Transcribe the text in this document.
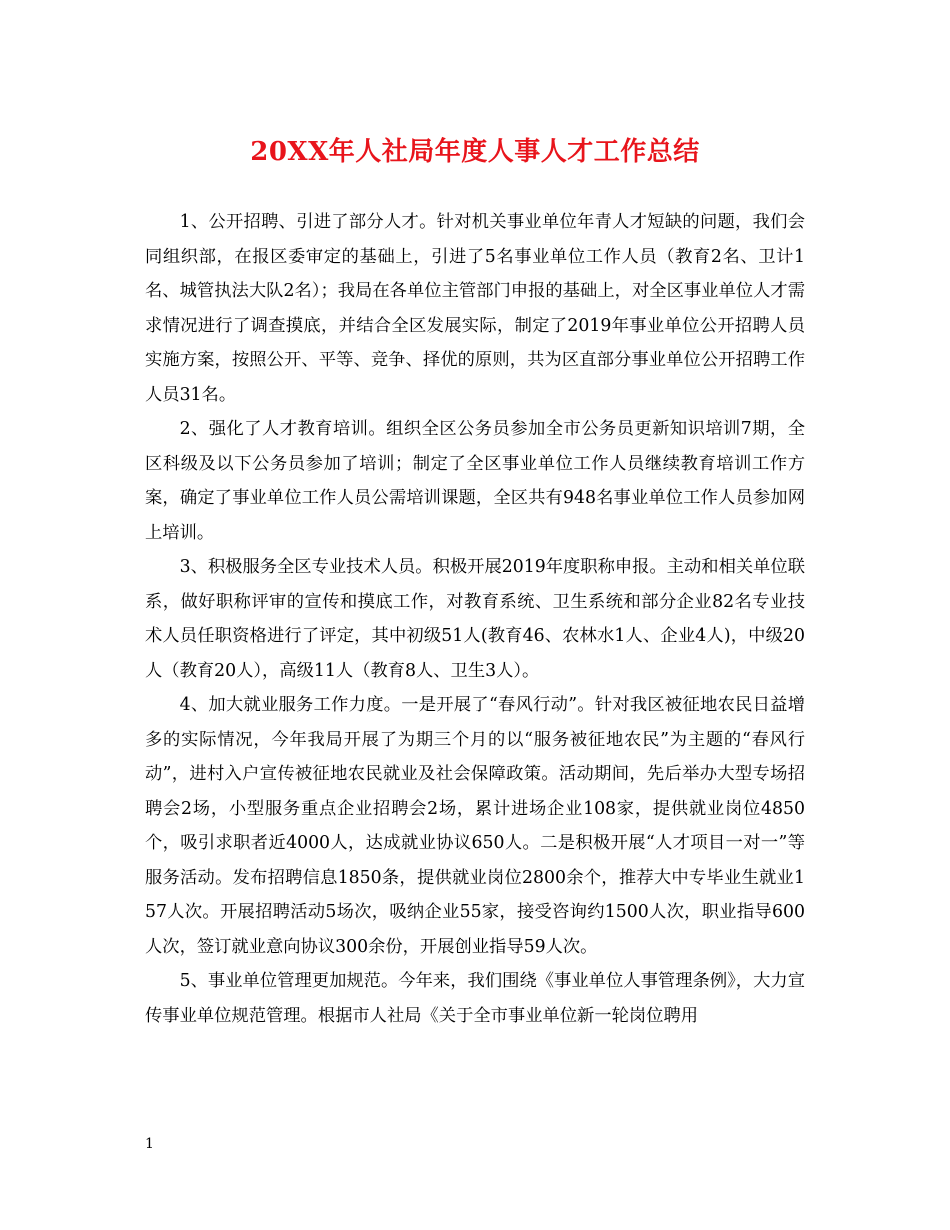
20XX年人社局年度人事人才工作总结

1、公开招聘、引进了部分人才。针对机关事业单位年青人才短缺的问题，我们会同组织部，在报区委审定的基础上，引进了5名事业单位工作人员（教育2名、卫计1名、城管执法大队2名）；我局在各单位主管部门申报的基础上，对全区事业单位人才需求情况进行了调查摸底，并结合全区发展实际，制定了2019年事业单位公开招聘人员实施方案，按照公开、平等、竞争、择优的原则，共为区直部分事业单位公开招聘工作人员31名。

2、强化了人才教育培训。组织全区公务员参加全市公务员更新知识培训7期，全区科级及以下公务员参加了培训；制定了全区事业单位工作人员继续教育培训工作方案，确定了事业单位工作人员公需培训课题，全区共有948名事业单位工作人员参加网上培训。

3、积极服务全区专业技术人员。积极开展2019年度职称申报。主动和相关单位联系，做好职称评审的宣传和摸底工作，对教育系统、卫生系统和部分企业82名专业技术人员任职资格进行了评定，其中初级51人(教育46、农林水1人、企业4人)，中级20人（教育20人），高级11人（教育8人、卫生3人）。

4、加大就业服务工作力度。一是开展了“春风行动”。针对我区被征地农民日益增多的实际情况，今年我局开展了为期三个月的以“服务被征地农民”为主题的“春风行动”，进村入户宣传被征地农民就业及社会保障政策。活动期间，先后举办大型专场招聘会2场，小型服务重点企业招聘会2场，累计进场企业108家，提供就业岗位4850个，吸引求职者近4000人，达成就业协议650人。二是积极开展“人才项目一对一”等服务活动。发布招聘信息1850条，提供就业岗位2800余个，推荐大中专毕业生就业157人次。开展招聘活动5场次，吸纳企业55家，接受咨询约1500人次，职业指导600人次，签订就业意向协议300余份，开展创业指导59人次。

5、事业单位管理更加规范。今年来，我们围绕《事业单位人事管理条例》，大力宣传事业单位规范管理。根据市人社局《关于全市事业单位新一轮岗位聘用

1
